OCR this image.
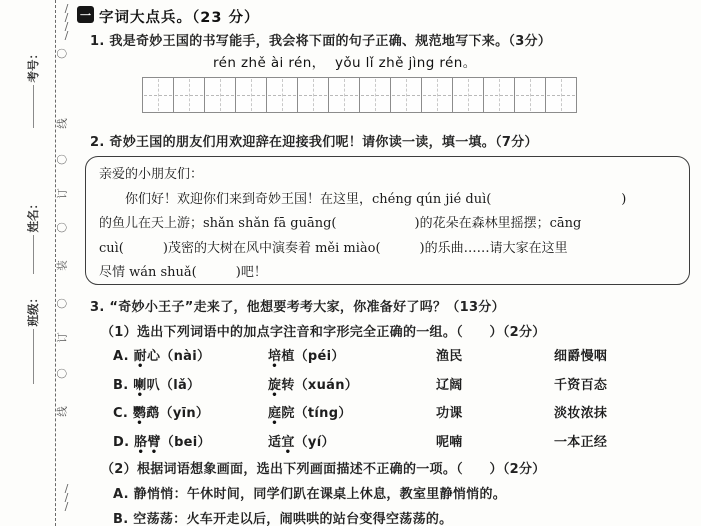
考号：
姓名：
班级：
∕∕∕∕
〇
线
〇
订
〇
装
〇
订
〇
线
∕∕∕
一 字词大点兵。（23 分）
1. 我是奇妙王国的书写能手，我会将下面的句子正确、规范地写下来。（3分）
rén zhě ài rén，  yǒu lǐ zhě jìng rén。
2. 奇妙王国的朋友们用欢迎辞在迎接我们呢！请你读一读，填一填。（7分）
亲爱的小朋友们：
　　你们好！欢迎你们来到奇妙王国！在这里，chéng qún jié duì(　　　　　　　　　　)
的鱼儿在天上游；shǎn shǎn fā guāng(　　　　　　)的花朵在森林里摇摆；cāng
cuì(　　　)茂密的大树在风中演奏着 měi miào(　　　)的乐曲……请大家在这里
尽情 wán shuǎ(　　　)吧！
3. “奇妙小王子”走来了，他想要考考大家，你准备好了吗？（13分）
（1）选出下列词语中的加点字注音和字形完全正确的一组。（　　）（2分）
A. 耐心（nài）	培植（péi）	渔民	细爵慢咽
B. 喇叭（lǎ）	旋转（xuán）	辽阔	千资百态
C. 鹦鹉（yīn）	庭院（tíng）	功课	淡妆浓抹
D. 胳臂（bei）	适宜（yí）	呢喃	一本正经
（2）根据词语想象画面，选出下列画面描述不正确的一项。（　　）（2分）
A. 静悄悄：午休时间，同学们趴在课桌上休息，教室里静悄悄的。
B. 空荡荡：火车开走以后，闹哄哄的站台变得空荡荡的。
